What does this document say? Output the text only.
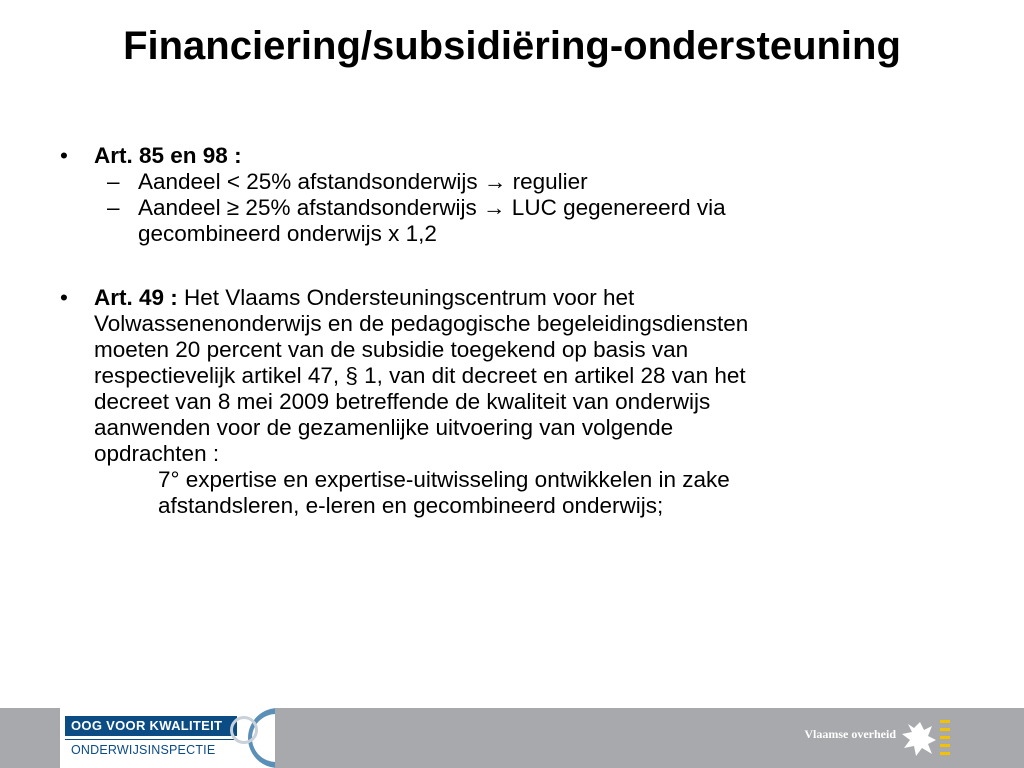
Financiering/subsidiëring-ondersteuning

• Art. 85 en 98 :

– Aandeel < 25% afstandsonderwijs → regulier

– Aandeel ≥ 25% afstandsonderwijs → LUC gegenereerd via
gecombineerd onderwijs x 1,2

• Art. 49 : Het Vlaams Ondersteuningscentrum voor het
Volwassenenonderwijs en de pedagogische begeleidingsdiensten
moeten 20 percent van de subsidie toegekend op basis van
respectievelijk artikel 47, § 1, van dit decreet en artikel 28 van het
decreet van 8 mei 2009 betreffende de kwaliteit van onderwijs
aanwenden voor de gezamenlijke uitvoering van volgende
opdrachten :

7° expertise en expertise-uitwisseling ontwikkelen in zake
afstandsleren, e-leren en gecombineerd onderwijs;

OOG VOOR KWALITEIT
ONDERWIJSINSPECTIE
Vlaamse overheid
